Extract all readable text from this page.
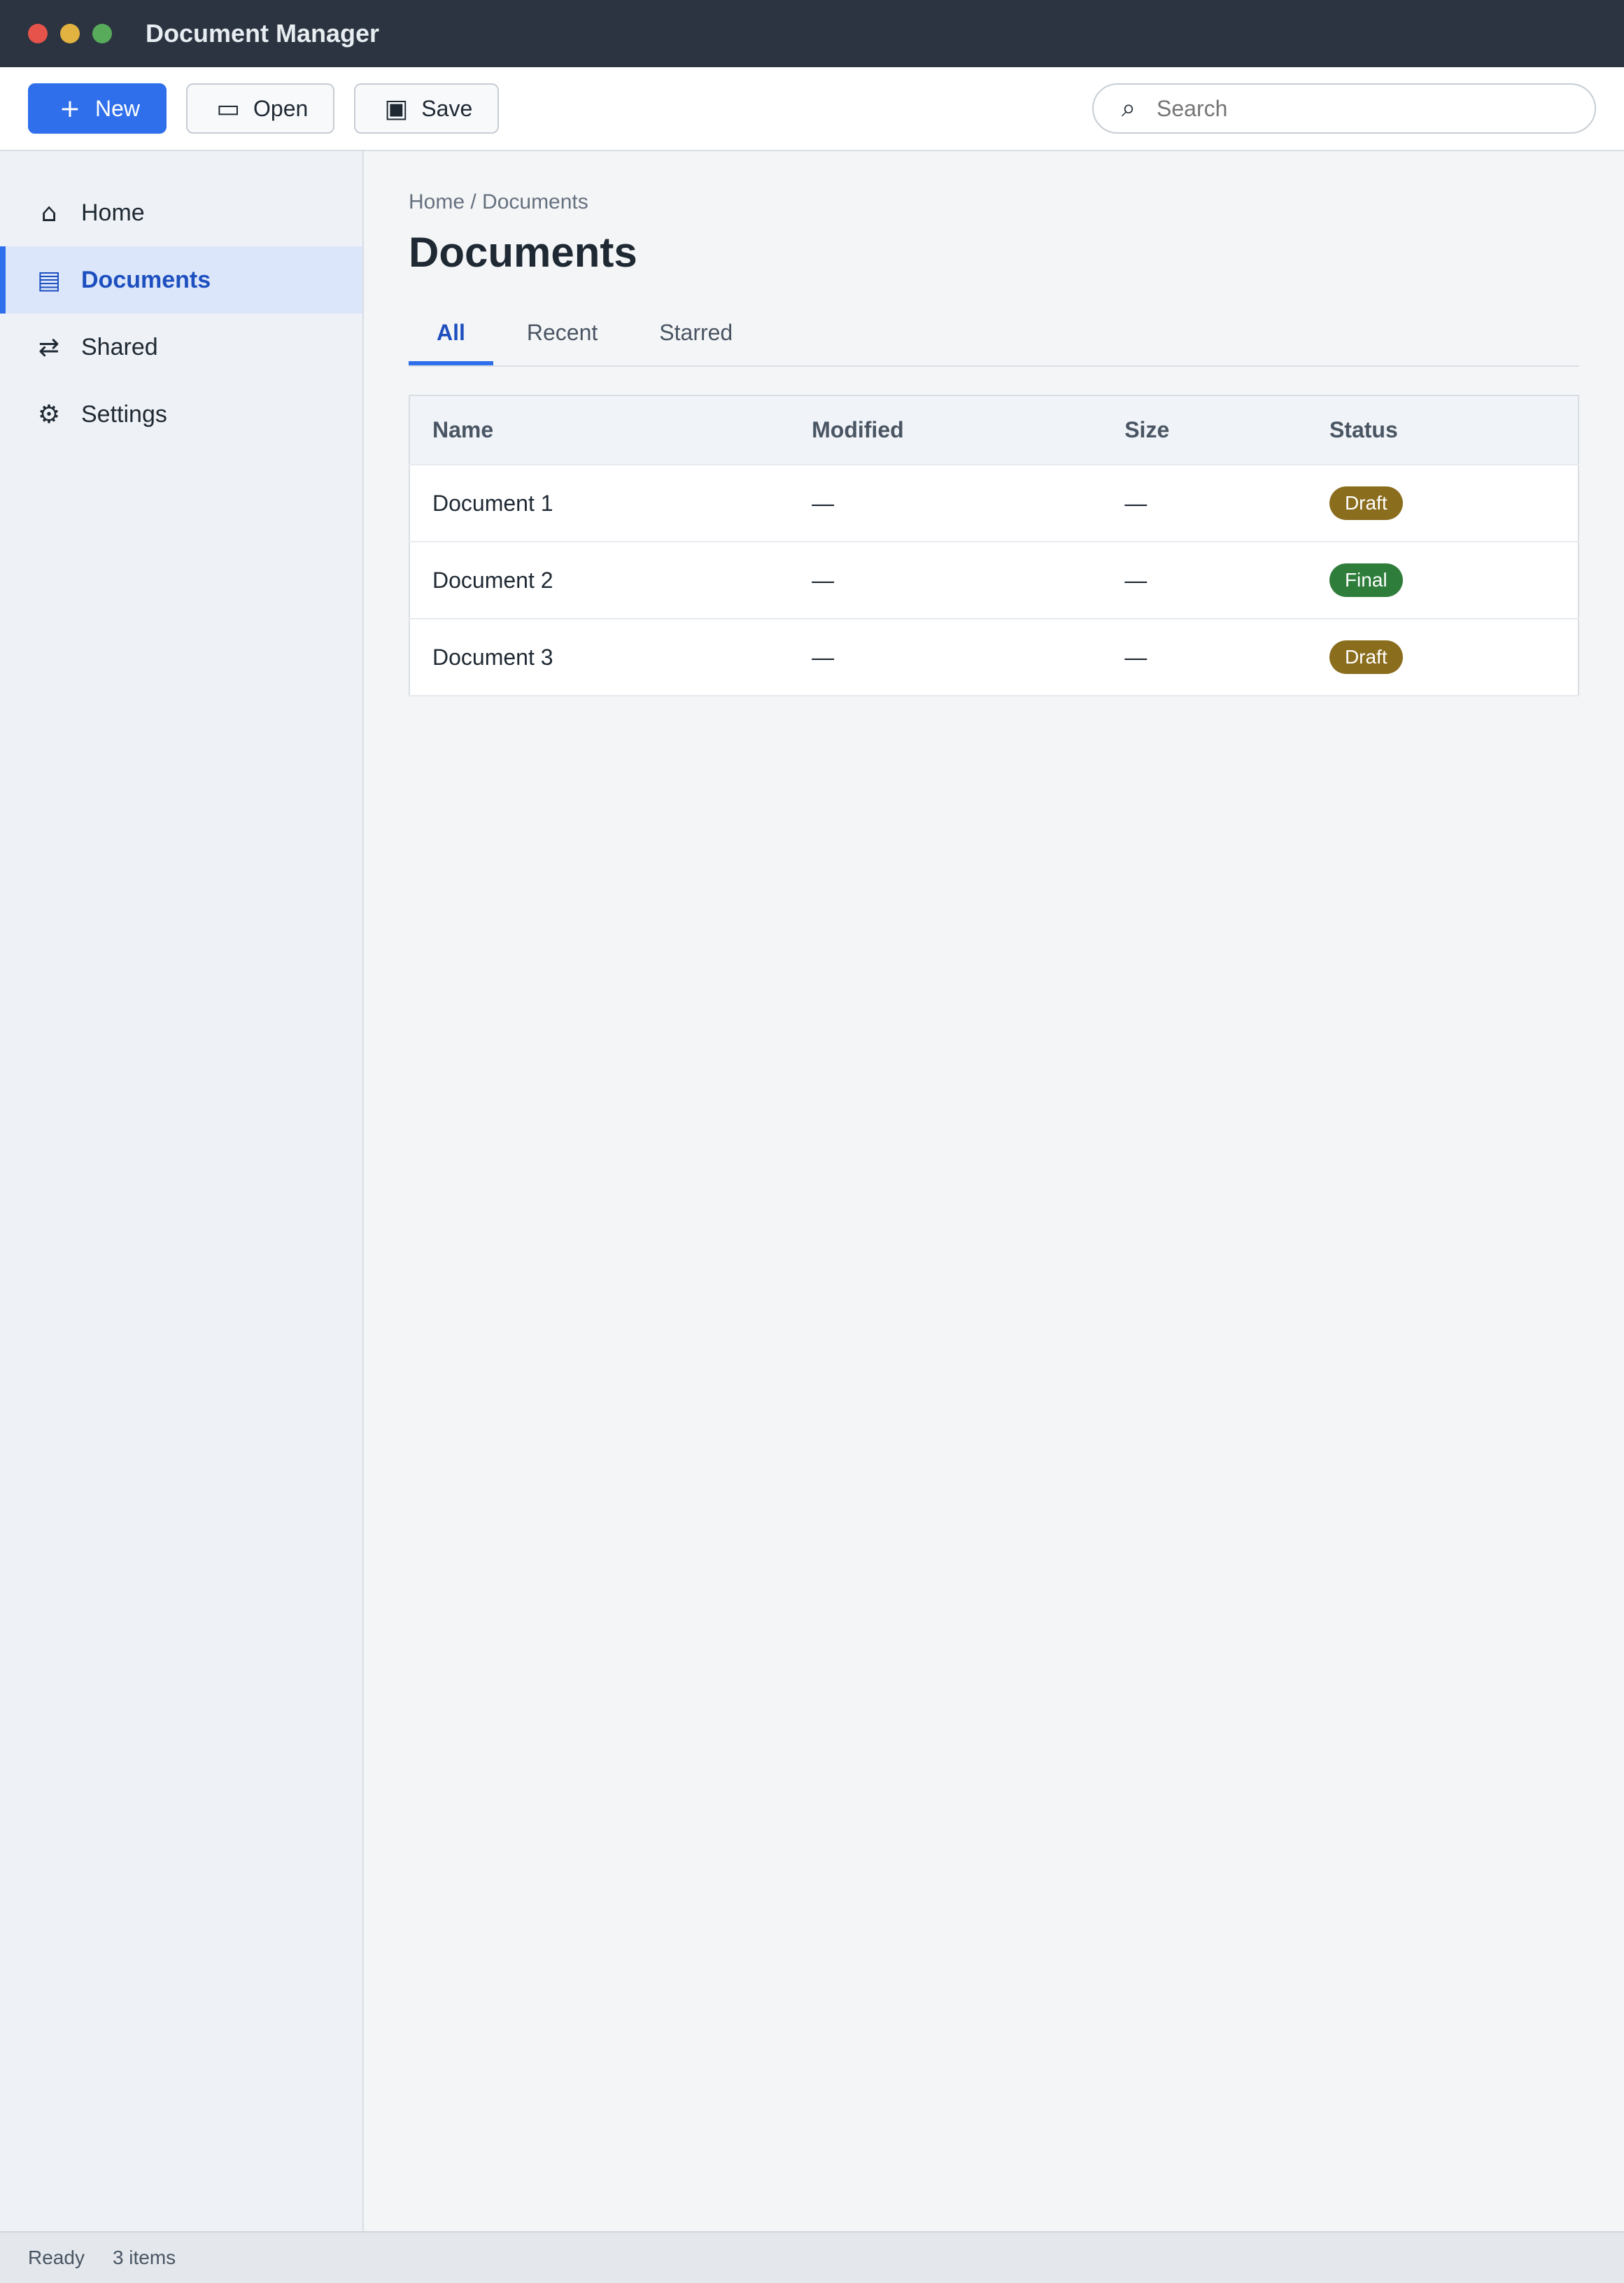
Document Manager
+ New	▭ Open	▣ Save	⌕
Search
⌂	Home
▤ Documents
⇄ Shared
⚙ Settings
Home / Documents
Documents
All	Recent	Starred
Name	Modified	Size	Status
Document 1	—	—	Draft
Document 2	—	—	Final
Document 3	—	—	Draft
Ready 3 items
